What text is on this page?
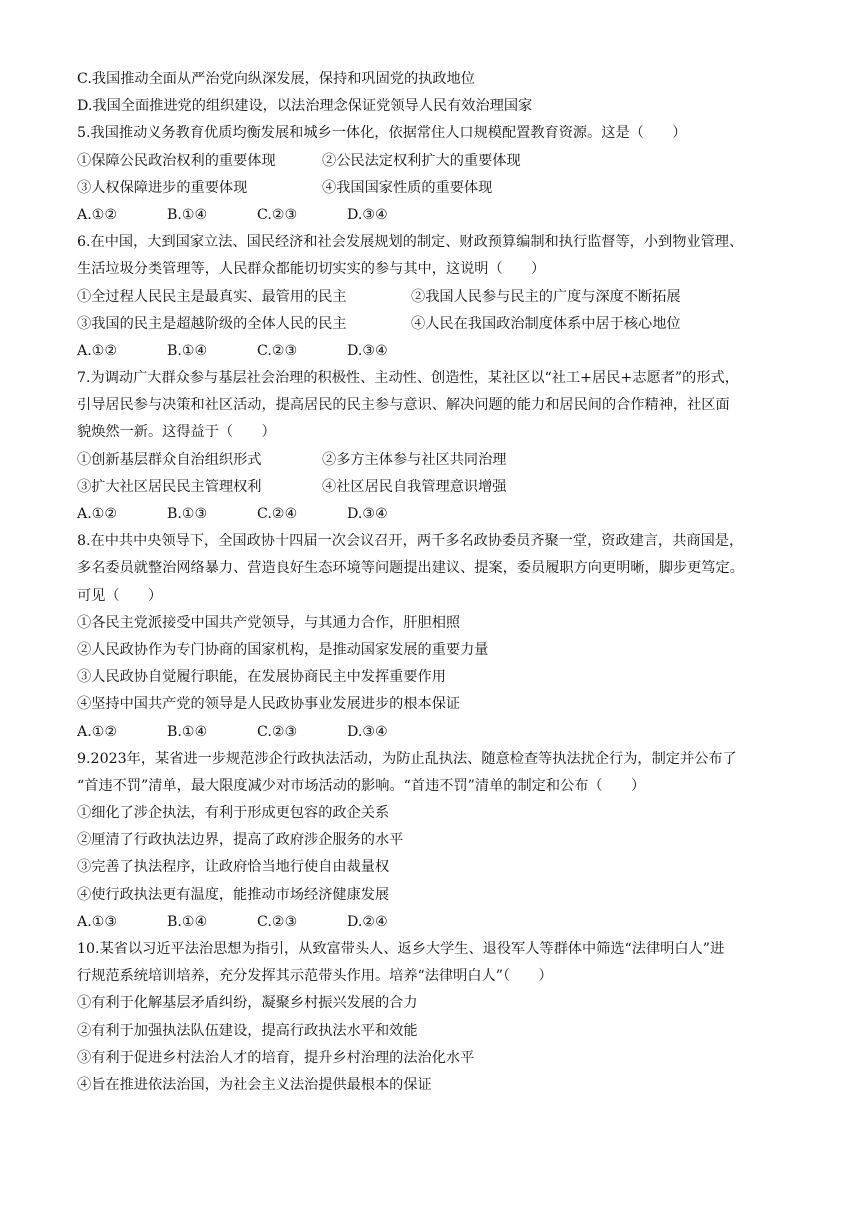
C.我国推动全面从严治党向纵深发展，保持和巩固党的执政地位
D.我国全面推进党的组织建设，以法治理念保证党领导人民有效治理国家
5.我国推动义务教育优质均衡发展和城乡一体化，依据常住人口规模配置教育资源。这是（　　）
①保障公民政治权利的重要体现	②公民法定权利扩大的重要体现
③人权保障进步的重要体现	④我国国家性质的重要体现
A.①②	B.①④	C.②③	D.③④
6.在中国，大到国家立法、国民经济和社会发展规划的制定、财政预算编制和执行监督等，小到物业管理、
生活垃圾分类管理等，人民群众都能切切实实的参与其中，这说明（　　）
①全过程人民民主是最真实、最管用的民主	②我国人民参与民主的广度与深度不断拓展
③我国的民主是超越阶级的全体人民的民主	④人民在我国政治制度体系中居于核心地位
A.①②	B.①④	C.②③	D.③④
7.为调动广大群众参与基层社会治理的积极性、主动性、创造性，某社区以“社工+居民+志愿者”的形式，
引导居民参与决策和社区活动，提高居民的民主参与意识、解决问题的能力和居民间的合作精神，社区面
貌焕然一新。这得益于（　　）
①创新基层群众自治组织形式	②多方主体参与社区共同治理
③扩大社区居民民主管理权利	④社区居民自我管理意识增强
A.①②	B.①③	C.②④	D.③④
8.在中共中央领导下，全国政协十四届一次会议召开，两千多名政协委员齐聚一堂，资政建言，共商国是，
多名委员就整治网络暴力、营造良好生态环境等问题提出建议、提案，委员履职方向更明晰，脚步更笃定。
可见（　　）
①各民主党派接受中国共产党领导，与其通力合作，肝胆相照
②人民政协作为专门协商的国家机构，是推动国家发展的重要力量
③人民政协自觉履行职能，在发展协商民主中发挥重要作用
④坚持中国共产党的领导是人民政协事业发展进步的根本保证
A.①②	B.①④	C.②③	D.③④
9.2023年，某省进一步规范涉企行政执法活动，为防止乱执法、随意检查等执法扰企行为，制定并公布了
“首违不罚”清单，最大限度减少对市场活动的影响。“首违不罚”清单的制定和公布（　　）
①细化了涉企执法，有利于形成更包容的政企关系
②厘清了行政执法边界，提高了政府涉企服务的水平
③完善了执法程序，让政府恰当地行使自由裁量权
④使行政执法更有温度，能推动市场经济健康发展
A.①③	B.①④	C.②③	D.②④
10.某省以习近平法治思想为指引，从致富带头人、返乡大学生、退役军人等群体中筛选“法律明白人”进
行规范系统培训培养，充分发挥其示范带头作用。培养“法律明白人”（　　）
①有利于化解基层矛盾纠纷，凝聚乡村振兴发展的合力
②有利于加强执法队伍建设，提高行政执法水平和效能
③有利于促进乡村法治人才的培育，提升乡村治理的法治化水平
④旨在推进依法治国，为社会主义法治提供最根本的保证
